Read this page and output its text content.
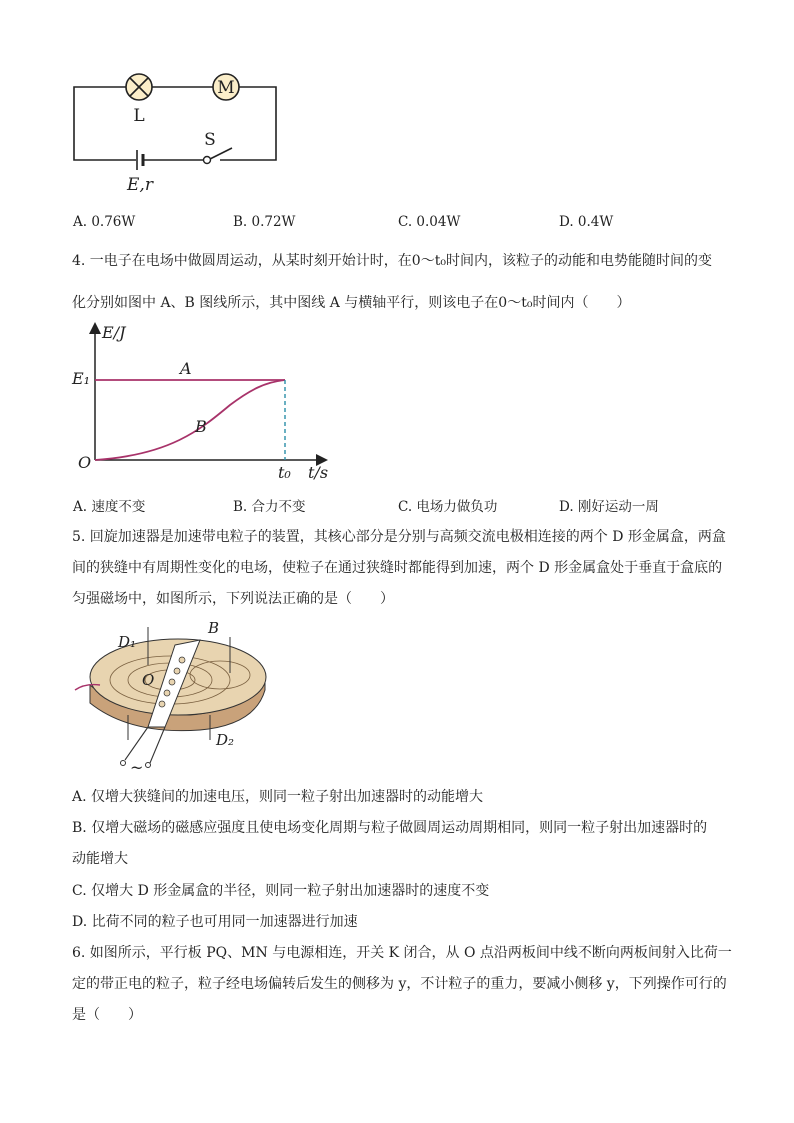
M
L
S
E,r
A. 0.76W	B. 0.72W	C. 0.04W	D. 0.4W
4. 一电子在电场中做圆周运动，从某时刻开始计时，在0～t₀时间内，该粒子的动能和电势能随时间的变
化分别如图中 A、B 图线所示，其中图线 A 与横轴平行，则该电子在0～t₀时间内（　　）
E/J
E₁
A
B
O
t₀ t/s
A. 速度不变	B. 合力不变	C. 电场力做负功	D. 刚好运动一周
5. 回旋加速器是加速带电粒子的装置，其核心部分是分别与高频交流电极相连接的两个 D 形金属盒，两盒
间的狭缝中有周期性变化的电场，使粒子在通过狭缝时都能得到加速，两个 D 形金属盒处于垂直于盒底的
匀强磁场中，如图所示，下列说法正确的是（　　）
D₁
B
O
D₂
~
A. 仅增大狭缝间的加速电压，则同一粒子射出加速器时的动能增大
B. 仅增大磁场的磁感应强度且使电场变化周期与粒子做圆周运动周期相同，则同一粒子射出加速器时的
动能增大
C. 仅增大 D 形金属盒的半径，则同一粒子射出加速器时的速度不变
D. 比荷不同的粒子也可用同一加速器进行加速
6. 如图所示，平行板 PQ、MN 与电源相连，开关 K 闭合，从 O 点沿两板间中线不断向两板间射入比荷一
定的带正电的粒子，粒子经电场偏转后发生的侧移为 y，不计粒子的重力，要减小侧移 y，下列操作可行的
是（　　）
